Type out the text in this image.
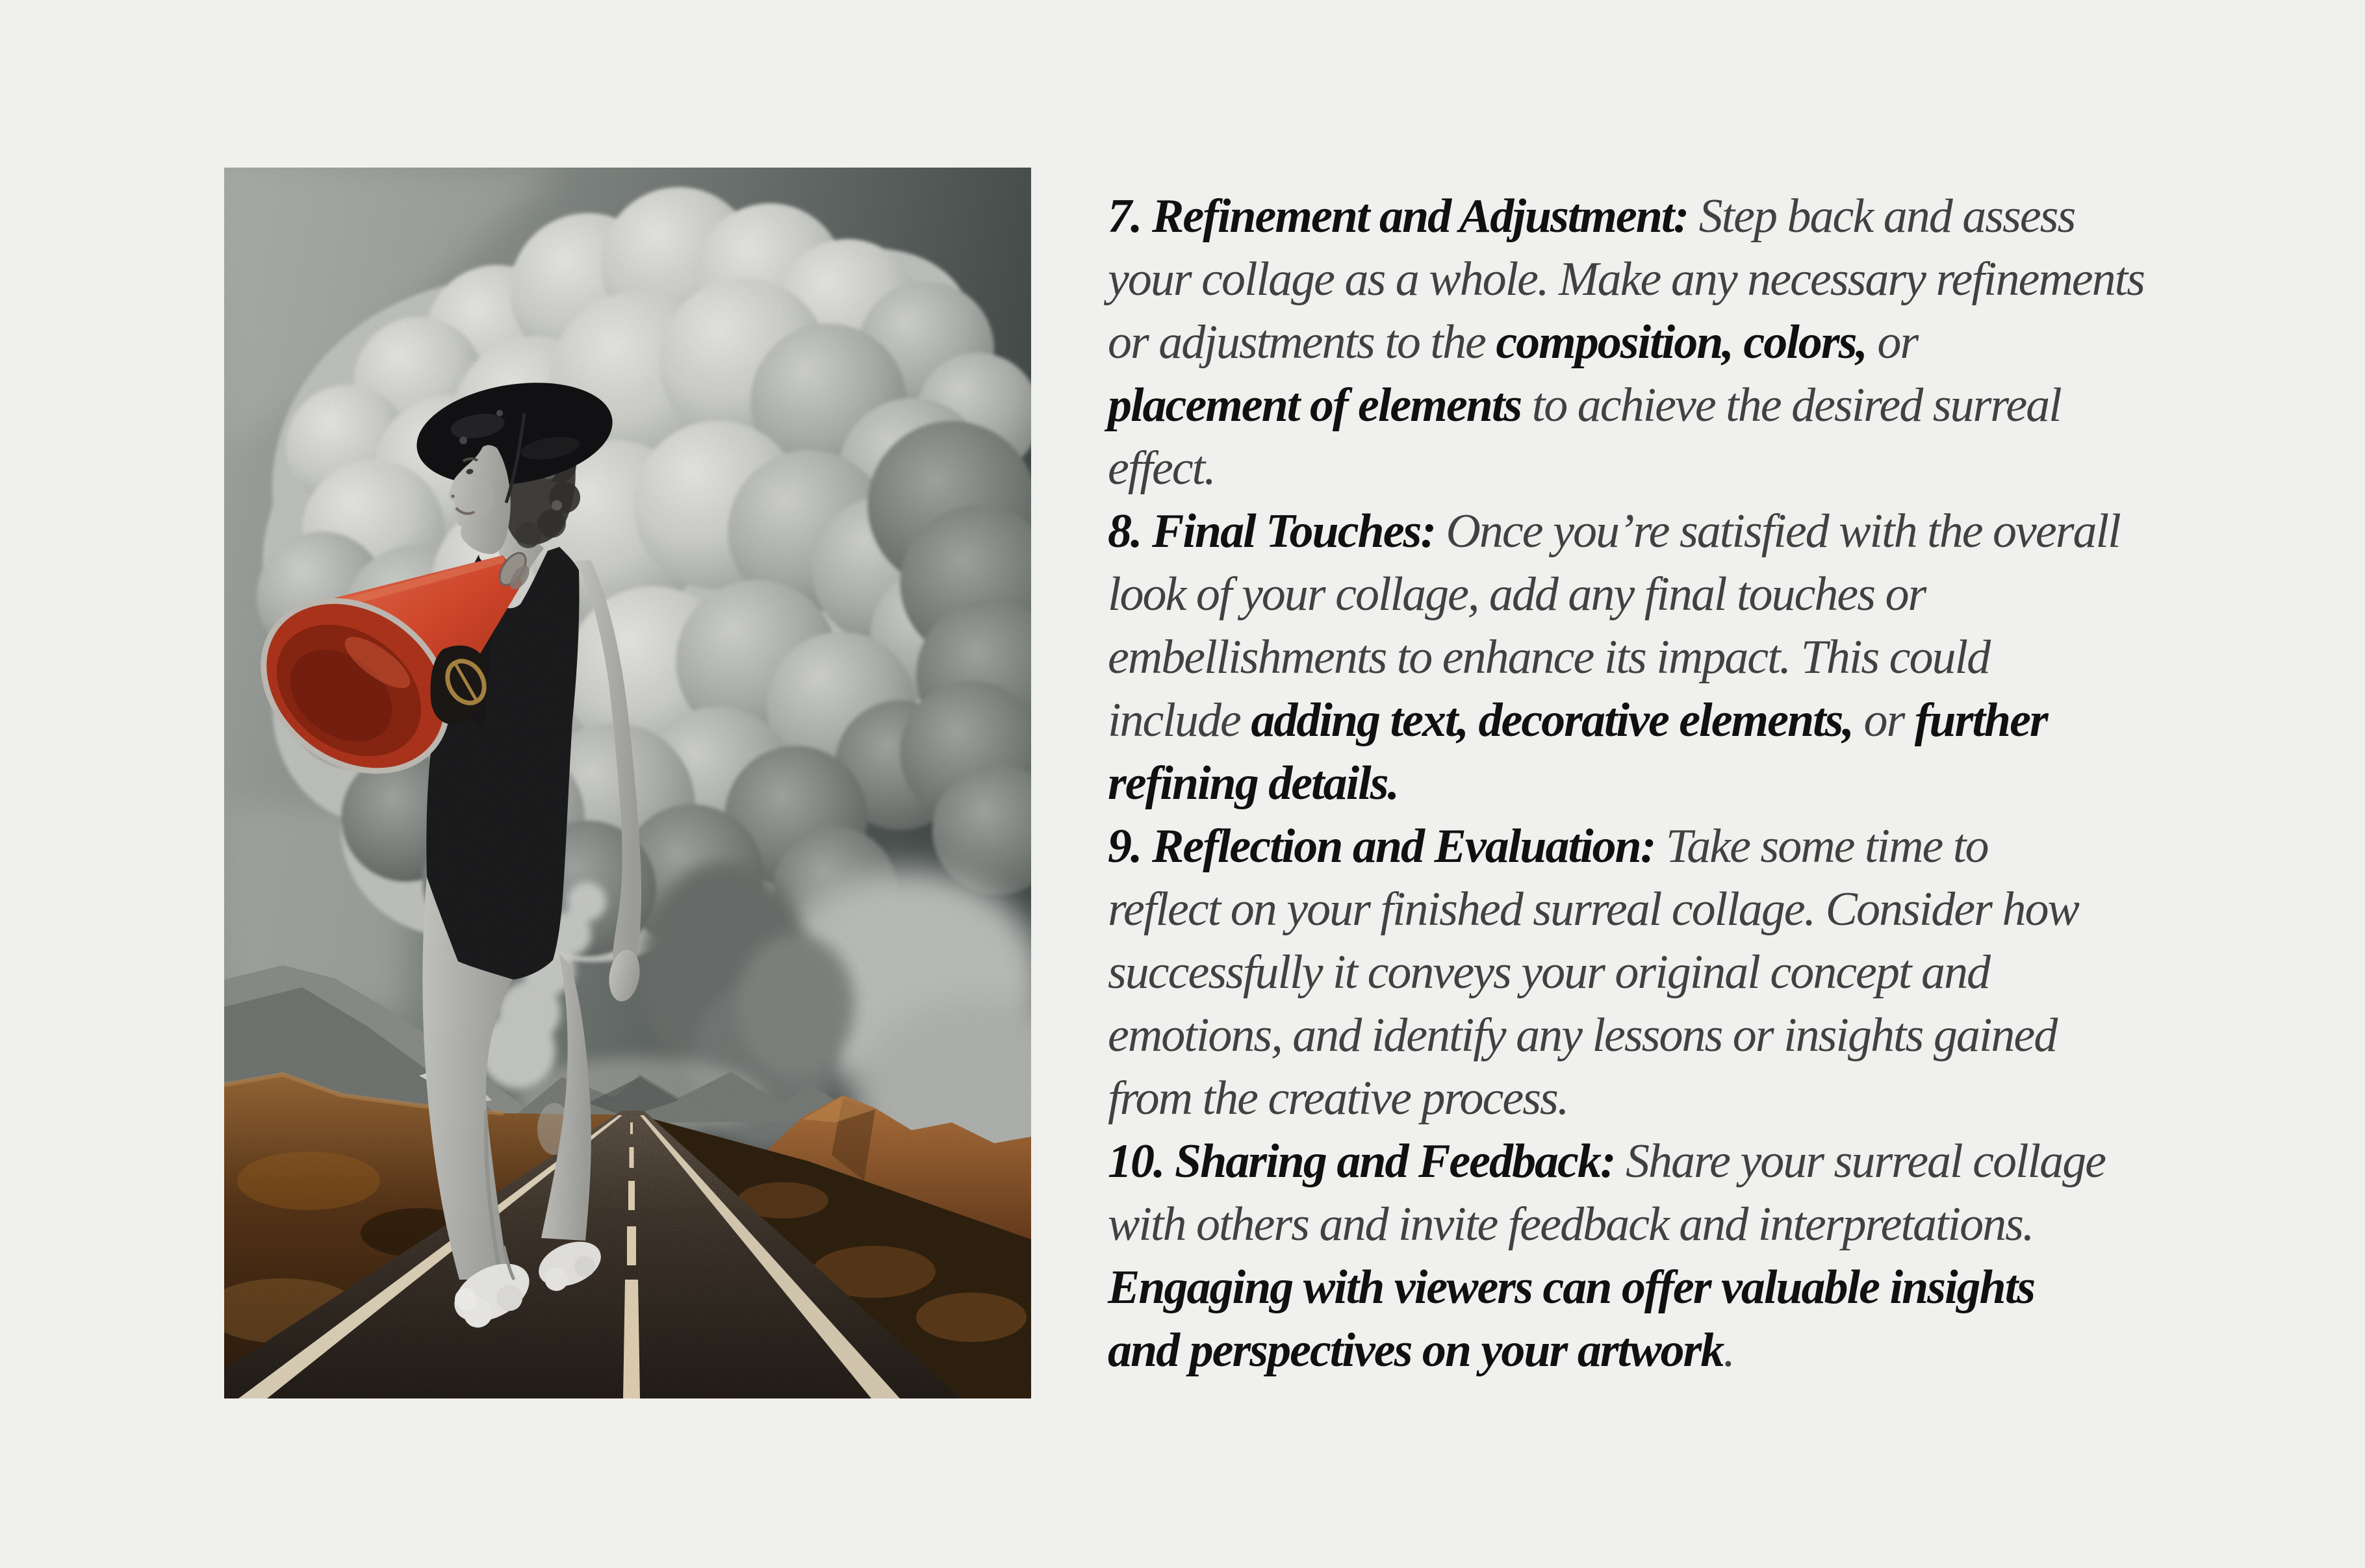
7. Refinement and Adjustment: Step back and assess
your collage as a whole. Make any necessary refinements
or adjustments to the composition, colors, or
placement of elements to achieve the desired surreal
effect.
8. Final Touches: Once you’re satisfied with the overall
look of your collage, add any final touches or
embellishments to enhance its impact. This could
include adding text, decorative elements, or further
refining details.
9. Reflection and Evaluation: Take some time to
reflect on your finished surreal collage. Consider how
successfully it conveys your original concept and
emotions, and identify any lessons or insights gained
from the creative process.
10. Sharing and Feedback: Share your surreal collage
with others and invite feedback and interpretations.
Engaging with viewers can offer valuable insights
and perspectives on your artwork.
